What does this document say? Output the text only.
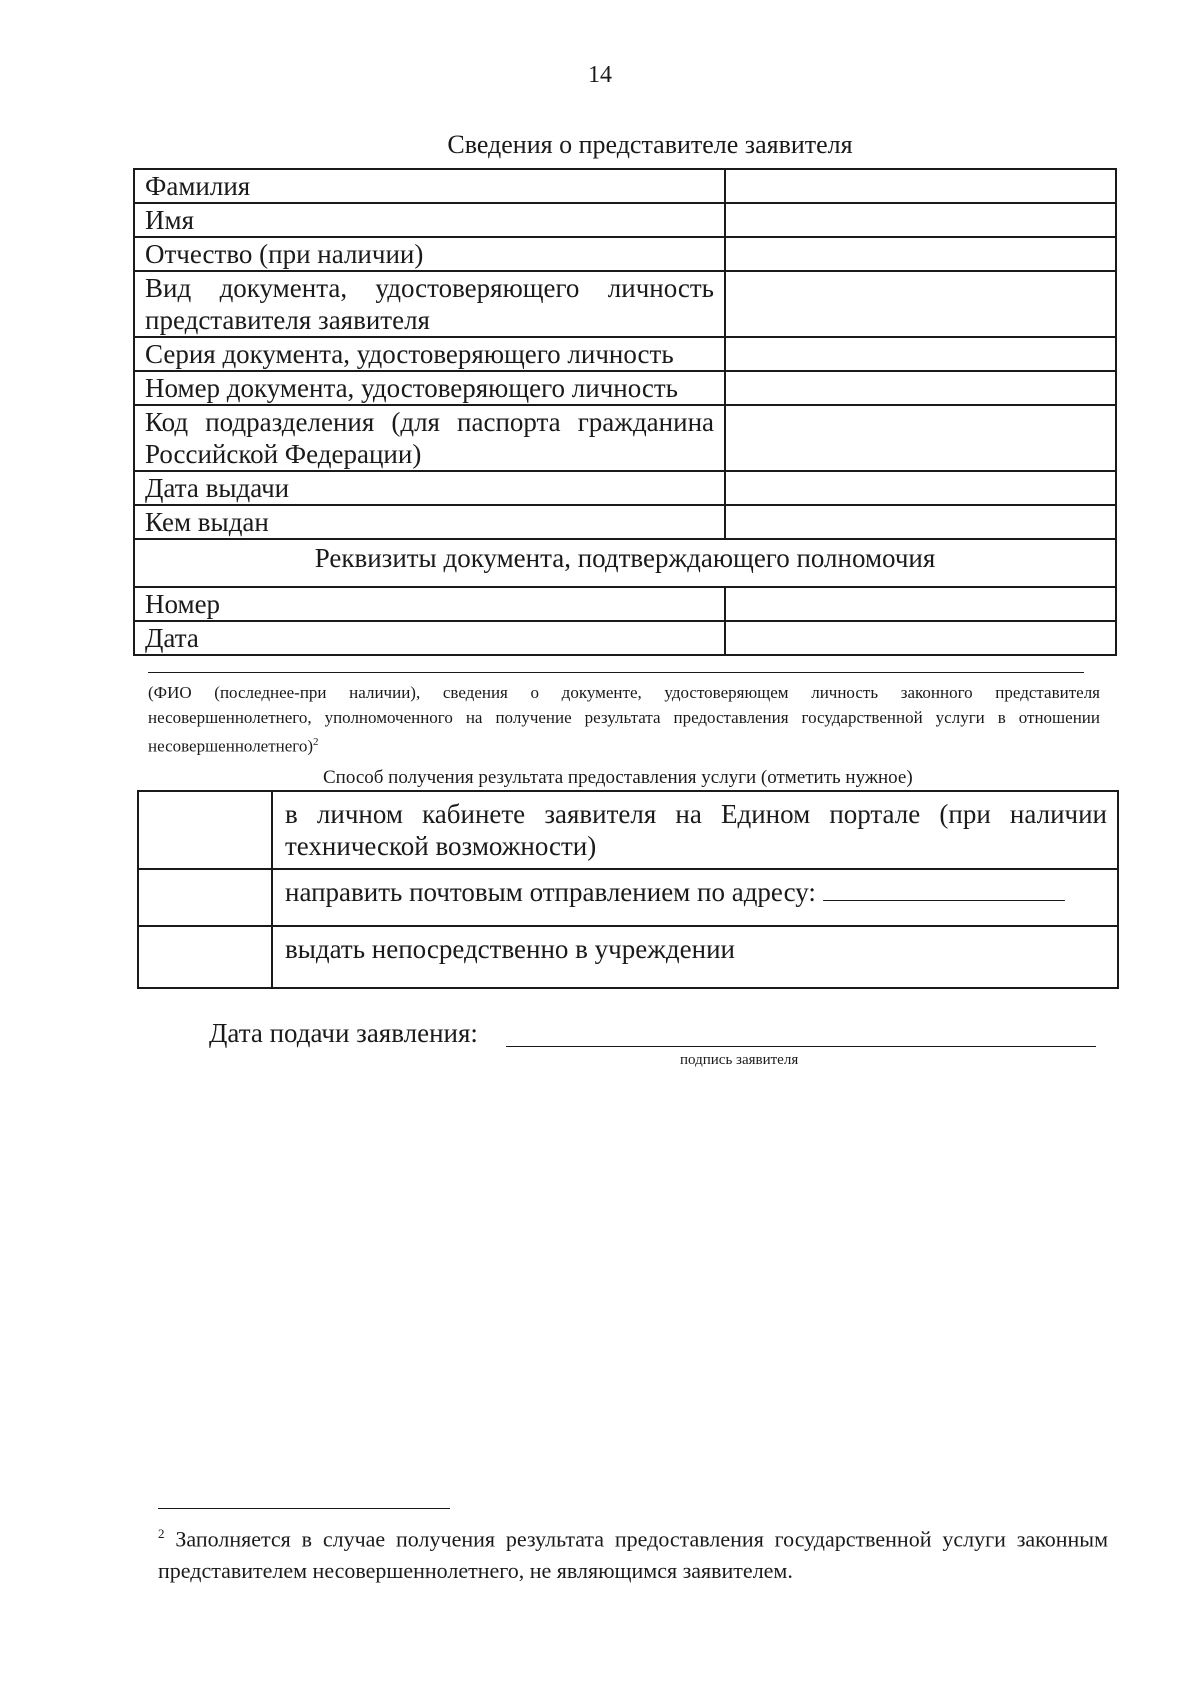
14
Сведения о представителе заявителя
Фамилия	
Имя	
Отчество (при наличии)	
Вид документа, удостоверяющего личность представителя заявителя	
Серия документа, удостоверяющего личность	
Номер документа, удостоверяющего личность	
Код подразделения (для паспорта гражданина Российской Федерации)	
Дата выдачи	
Кем выдан	
Реквизиты документа, подтверждающего полномочия	
Номер	
Дата	
(ФИО (последнее-при наличии), сведения о документе, удостоверяющем личность законного представителя несовершеннолетнего, уполномоченного на получение результата предоставления государственной услуги в отношении несовершеннолетнего)$^2$
Способ получения результата предоставления услуги (отметить нужное)
	в личном кабинете заявителя на Едином портале (при наличии технической возможности)
	направить почтовым отправлением по адресу:
	выдать непосредственно в учреждении
Дата подачи заявления:
подпись заявителя
$^2$ Заполняется в случае получения результата предоставления государственной услуги законным представителем несовершеннолетнего, не являющимся заявителем.
